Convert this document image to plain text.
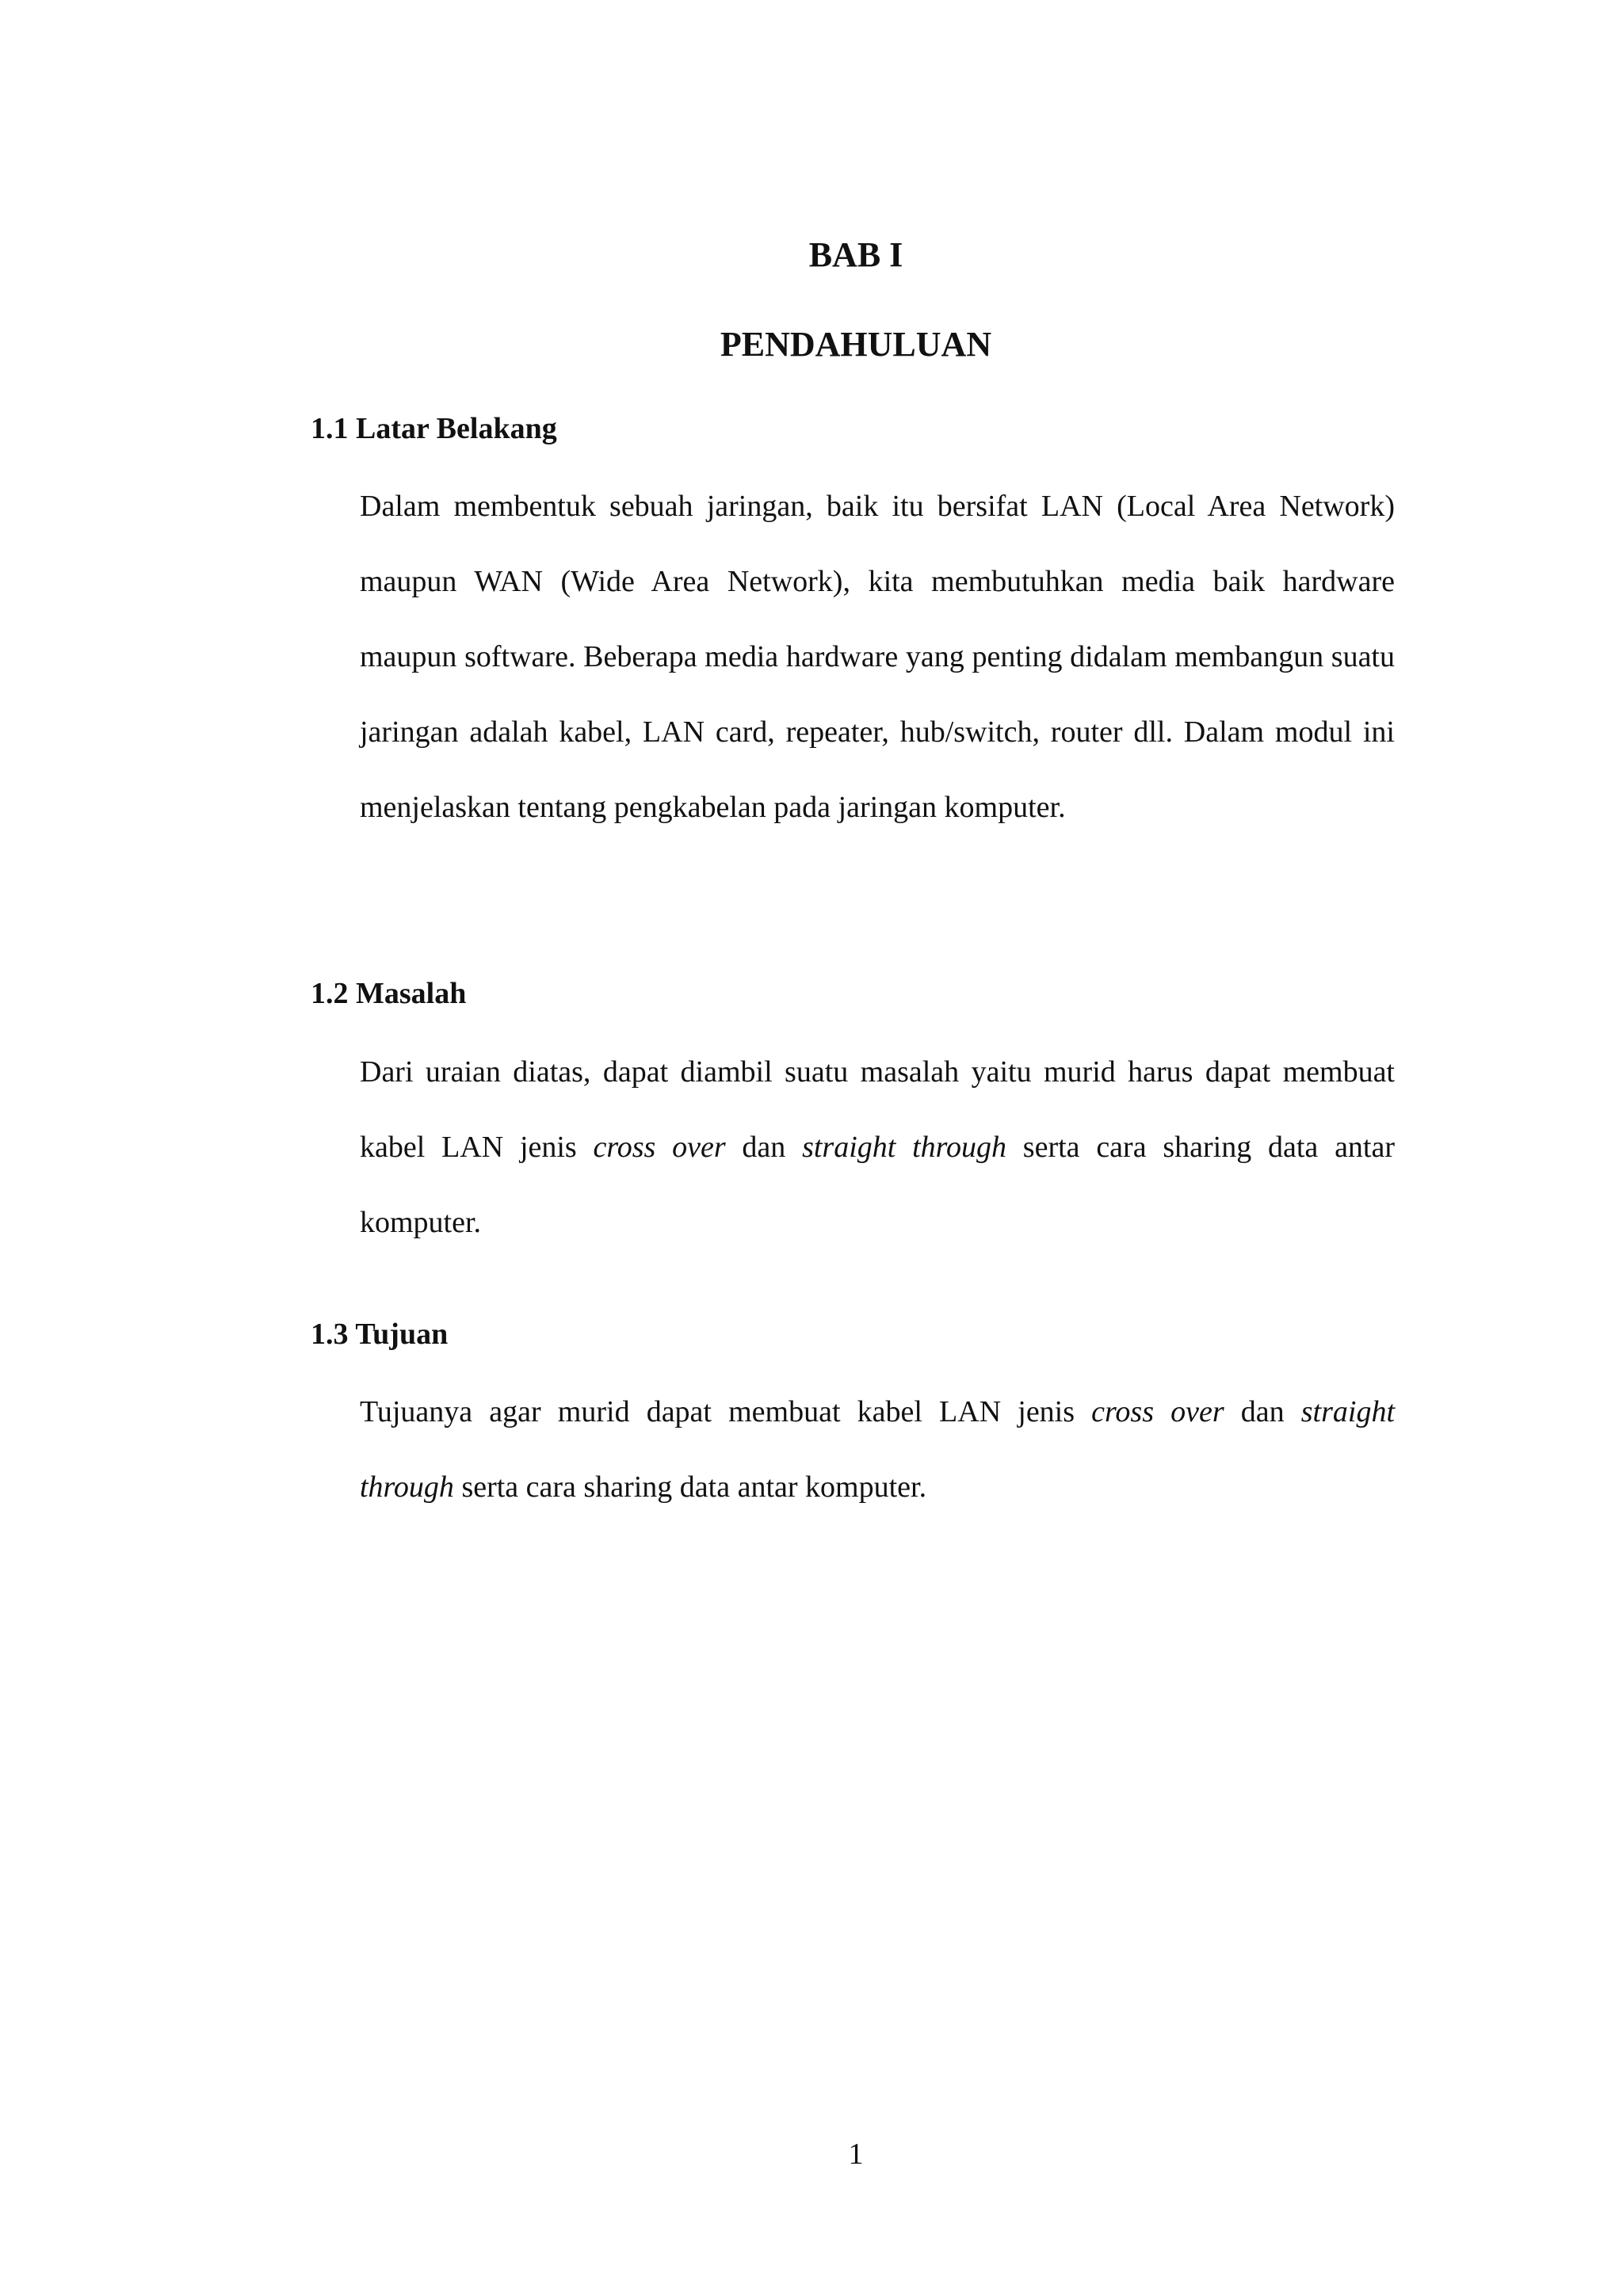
BAB I
PENDAHULUAN
1.1 Latar Belakang

Dalam membentuk sebuah jaringan, baik itu bersifat LAN (Local Area Network) maupun WAN (Wide Area Network), kita membutuhkan media baik hardware maupun software. Beberapa media hardware yang penting didalam membangun suatu jaringan adalah kabel, LAN card, repeater, hub/switch, router dll. Dalam modul ini menjelaskan tentang pengkabelan pada jaringan komputer.

1.2 Masalah

Dari uraian diatas, dapat diambil suatu masalah yaitu murid harus dapat membuat kabel LAN jenis cross over dan straight through serta cara sharing data antar komputer.

1.3 Tujuan

Tujuanya agar murid dapat membuat kabel LAN jenis cross over dan straight through serta cara sharing data antar komputer.

1
